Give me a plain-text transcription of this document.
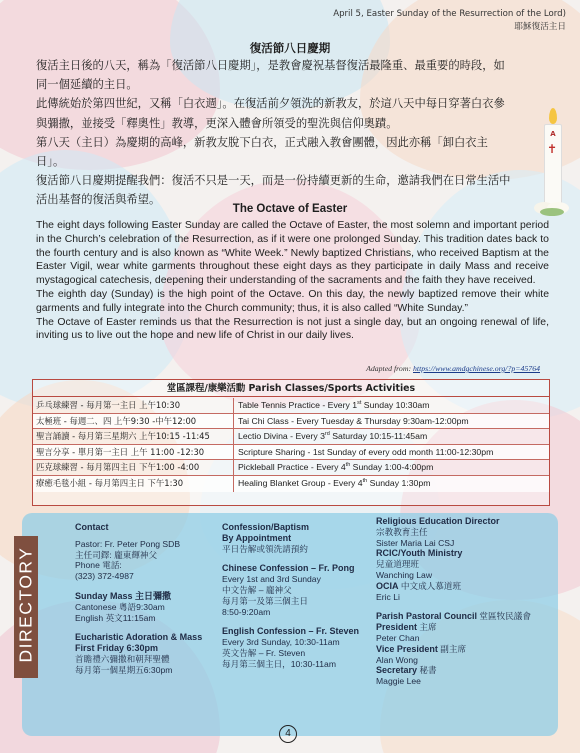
April 5, Easter Sunday of the Resurrection of the Lord)
耶穌復活主日
復活節八日慶期

復活主日後的八天，稱為「復活節八日慶期」，是教會慶祝基督復活最隆重、最重要的時段，如
同一個延續的主日。

此傳統始於第四世紀，又稱「白衣週」。在復活前夕領洗的新教友，於這八天中每日穿著白衣參
與彌撒，並接受「釋奧性」教導，更深入體會所領受的聖洗與信仰奧蹟。

第八天（主日）為慶期的高峰，新教友脫下白衣，正式融入教會團體，因此亦稱「卸白衣主
日」。

復活節八日慶期提醒我們：復活不只是一天，而是一份持續更新的生命，邀請我們在日常生活中
活出基督的復活與希望。

A
✝
The Octave of Easter

The eight days following Easter Sunday are called the Octave of Easter, the most solemn and important period in the Church’s celebration of the Resurrection, as if it were one prolonged Sunday. This tradition dates back to the fourth century and is also known as “White Week.” Newly baptized Christians, who received Baptism at the Easter Vigil, wear white garments throughout these eight days as they participate in daily Mass and receive mystagogical catechesis, deepening their understanding of the sacraments and the faith they have received.

The eighth day (Sunday) is the high point of the Octave. On this day, the newly baptized remove their white garments and fully integrate into the Church community; thus, it is also called “White Sunday.”

The Octave of Easter reminds us that the Resurrection is not just a single day, but an ongoing renewal of life, inviting us to live out the hope and new life of Christ in our daily lives.

Adapted from: https://www.amdgchinese.org/?p=45764
堂區課程/康樂活動 Parish Classes/Sports Activities
乒乓球練習 - 每月第一主日 上午10:30	Table Tennis Practice - Every 1st Sunday 10:30am
太極班 - 每週二、四 上午9:30 -中午12:00	Tai Chi Class - Every Tuesday & Thursday 9:30am-12:00pm
聖言誦讀 - 每月第三星期六 上午10:15 -11:45	Lectio Divina - Every 3rd Saturday 10:15-11:45am
聖言分享 - 單月第一主日 上午 11:00 -12:30	Scripture Sharing - 1st Sunday of every odd month 11:00-12:30pm
匹克球練習 - 每月第四主日 下午1:00 -4:00	Pickleball Practice - Every 4th Sunday 1:00-4:00pm
療癒毛毯小組 - 每月第四主日 下午1:30	Healing Blanket Group - Every 4th Sunday 1:30pm
DIRECTORY
Contact
Pastor: Fr. Peter Pong SDB
主任司鐸: 龐東輝神父
Phone 電話:
(323) 372-4987
Sunday Mass 主日彌撒
Cantonese 粵語9:30am
English 英文11:15am
Eucharistic Adoration & Mass
First Friday 6:30pm
首瞻禮六彌撒和朝拜聖體
每月第一個星期五6:30pm
Confession/Baptism
By Appointment
平日告解或領洗請預約
Chinese Confession – Fr. Pong
Every 1st and 3rd Sunday
中文告解 – 龐神父
每月第一及第三個主日
8:50-9:20am
English Confession – Fr. Steven
Every 3rd Sunday, 10:30-11am
英文告解 – Fr. Steven
每月第三個主日，10:30-11am
Religious Education Director
宗教教育主任
Sister Maria Lai CSJ
RCIC/Youth Ministry
兒童道理班
Wanching Law
OCIA 中文成人慕道班
Eric Li
Parish Pastoral Council 堂區牧民議會
President 主席
Peter Chan
Vice President 副主席
Alan Wong
Secretary 秘書
Maggie Lee
4
